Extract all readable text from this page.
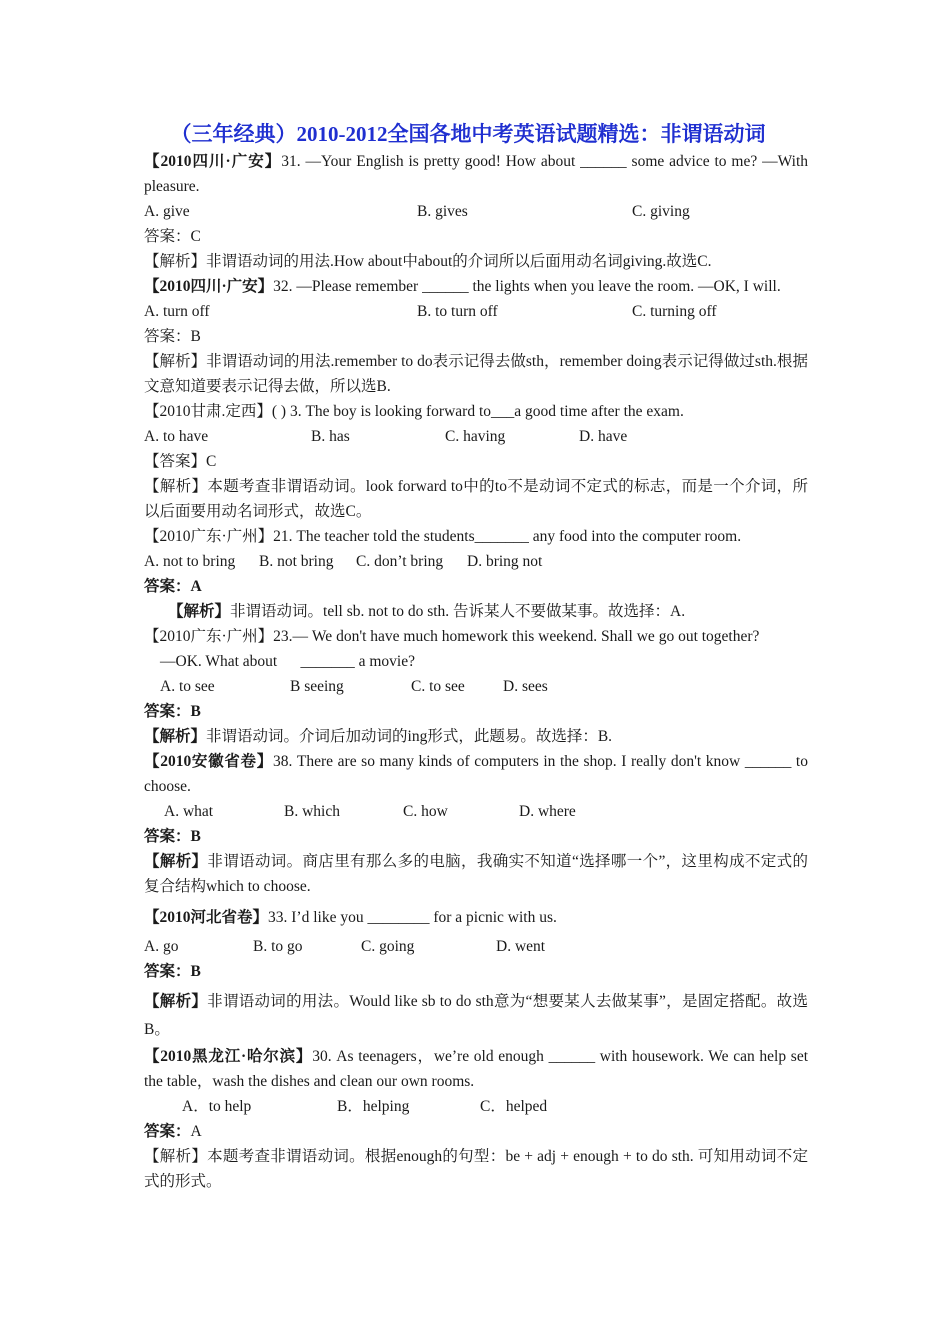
（三年经典）2010-2012全国各地中考英语试题精选：非谓语动词
【2010四川·广安】31. —Your English is pretty good! How about ______ some advice to me? —With pleasure.
A. give	B. gives	C. giving
答案：C
【解析】非谓语动词的用法.How about中about的介词所以后面用动名词giving.故选C.
【2010四川·广安】32. —Please remember ______ the lights when you leave the room. —OK, I will.
A. turn off	B. to turn off	C. turning off
答案：B
【解析】非谓语动词的用法.remember to do表示记得去做sth，remember doing表示记得做过sth.根据文意知道要表示记得去做，所以选B.
【2010甘肃.定西】( ) 3. The boy is looking forward to___a good time after the exam.
A. to have	B. has	C. having	D. have
【答案】C
【解析】本题考查非谓语动词。look forward to中的to不是动词不定式的标志，而是一个介词，所以后面要用动名词形式，故选C。
【2010广东·广州】21. The teacher told the students_______ any food into the computer room.
A. not to bring	B. not bring	C. don’t bring	D. bring not
答案：A
【解析】非谓语动词。tell sb. not to do sth. 告诉某人不要做某事。故选择：A.
【2010广东·广州】23.— We don't have much homework this weekend. Shall we go out together?
—OK. What about      _______ a movie?
A. to see	B seeing	C. to see	D. sees
答案：B
【解析】非谓语动词。介词后加动词的ing形式，此题易。故选择：B.
【2010安徽省卷】38. There are so many kinds of computers in the shop. I really don't know ______ to choose.
A. what	B. which	C. how	D. where
答案：B
【解析】非谓语动词。商店里有那么多的电脑，我确实不知道“选择哪一个”，这里构成不定式的复合结构which to choose.
【2010河北省卷】33. I’d like you ________ for a picnic with us.
A. go	B. to go	C. going	D. went
答案：B
【解析】非谓语动词的用法。Would like sb to do sth意为“想要某人去做某事”，是固定搭配。故选B。
【2010黑龙江·哈尔滨】30. As teenagers，we’re old enough ______ with housework. We can help set the table，wash the dishes and clean our own rooms.
A．to help	B．helping	C．helped
答案：A
【解析】本题考查非谓语动词。根据enough的句型：be + adj + enough + to do sth. 可知用动词不定式的形式。
